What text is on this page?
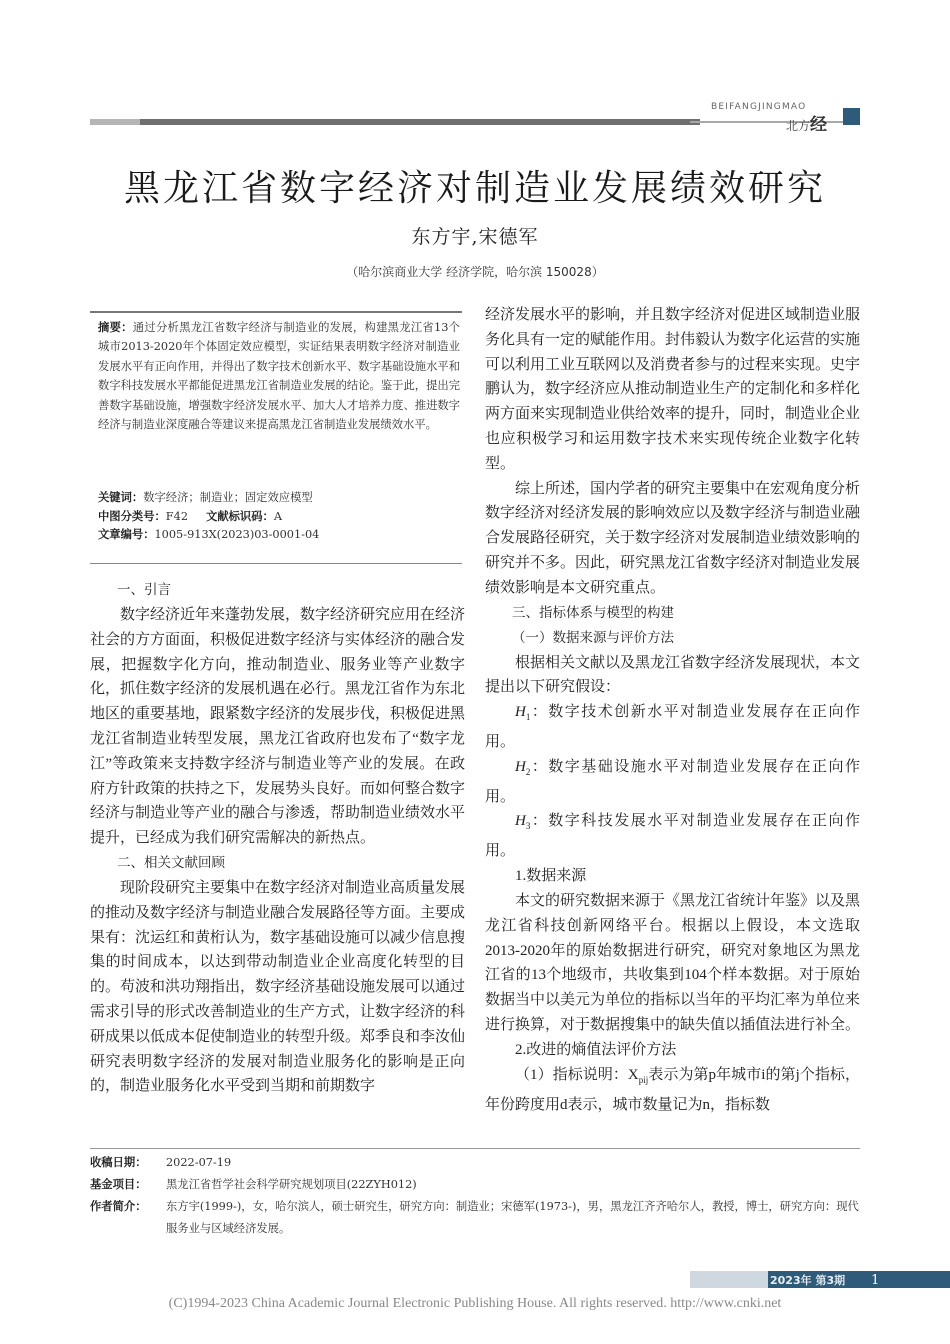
BEIFANGJINGMAO
北方经
黑龙江省数字经济对制造业发展绩效研究
东方宇,宋德军
（哈尔滨商业大学 经济学院，哈尔滨 150028）
摘要：通过分析黑龙江省数字经济与制造业的发展，构建黑龙江省13个城市2013-2020年个体固定效应模型，实证结果表明数字经济对制造业发展水平有正向作用，并得出了数字技术创新水平、数字基础设施水平和数字科技发展水平都能促进黑龙江省制造业发展的结论。鉴于此，提出完善数字基础设施，增强数字经济发展水平、加大人才培养力度、推进数字经济与制造业深度融合等建议来提高黑龙江省制造业发展绩效水平。
关键词：数字经济；制造业；固定效应模型
中图分类号：F42 文献标识码：A
文章编号：1005-913X(2023)03-0001-04
一、引言

数字经济近年来蓬勃发展，数字经济研究应用在经济社会的方方面面，积极促进数字经济与实体经济的融合发展，把握数字化方向，推动制造业、服务业等产业数字化，抓住数字经济的发展机遇在必行。黑龙江省作为东北地区的重要基地，跟紧数字经济的发展步伐，积极促进黑龙江省制造业转型发展，黑龙江省政府也发布了“数字龙江”等政策来支持数字经济与制造业等产业的发展。在政府方针政策的扶持之下，发展势头良好。而如何整合数字经济与制造业等产业的融合与渗透，帮助制造业绩效水平提升，已经成为我们研究需解决的新热点。

二、相关文献回顾

现阶段研究主要集中在数字经济对制造业高质量发展的推动及数字经济与制造业融合发展路径等方面。主要成果有：沈运红和黄桁认为，数字基础设施可以减少信息搜集的时间成本，以达到带动制造业企业高度化转型的目的。苟波和洪功翔指出，数字经济基础设施发展可以通过需求引导的形式改善制造业的生产方式，让数字经济的科研成果以低成本促使制造业的转型升级。郑季良和李汝仙研究表明数字经济的发展对制造业服务化的影响是正向的，制造业服务化水平受到当期和前期数字

经济发展水平的影响，并且数字经济对促进区域制造业服务化具有一定的赋能作用。封伟毅认为数字化运营的实施可以利用工业互联网以及消费者参与的过程来实现。史宇鹏认为，数字经济应从推动制造业生产的定制化和多样化两方面来实现制造业供给效率的提升，同时，制造业企业也应积极学习和运用数字技术来实现传统企业数字化转型。

综上所述，国内学者的研究主要集中在宏观角度分析数字经济对经济发展的影响效应以及数字经济与制造业融合发展路径研究，关于数字经济对发展制造业绩效影响的研究并不多。因此，研究黑龙江省数字经济对制造业发展绩效影响是本文研究重点。

三、指标体系与模型的构建
（一）数据来源与评价方法

根据相关文献以及黑龙江省数字经济发展现状，本文提出以下研究假设：

$H_1$：数字技术创新水平对制造业发展存在正向作用。

$H_2$：数字基础设施水平对制造业发展存在正向作用。

$H_3$：数字科技发展水平对制造业发展存在正向作用。

1.数据来源

本文的研究数据来源于《黑龙江省统计年鉴》以及黑龙江省科技创新网络平台。根据以上假设，本文选取2013-2020年的原始数据进行研究，研究对象地区为黑龙江省的13个地级市，共收集到104个样本数据。对于原始数据当中以美元为单位的指标以当年的平均汇率为单位来进行换算，对于数据搜集中的缺失值以插值法进行补全。

2.改进的熵值法评价方法

（1）指标说明：$X_{pij}$表示为第p年城市i的第j个指标，年份跨度用d表示，城市数量记为n，指标数

收稿日期：	2022-07-19
基金项目：	黑龙江省哲学社会科学研究规划项目(22ZYH012)
作者简介：	东方宇(1999-)，女，哈尔滨人，硕士研究生，研究方向：制造业；宋德军(1973-)，男，黑龙江齐齐哈尔人，教授，博士，研究方向：现代服务业与区域经济发展。
2023年 第3期 1
(C)1994-2023 China Academic Journal Electronic Publishing House. All rights reserved. http://www.cnki.net
